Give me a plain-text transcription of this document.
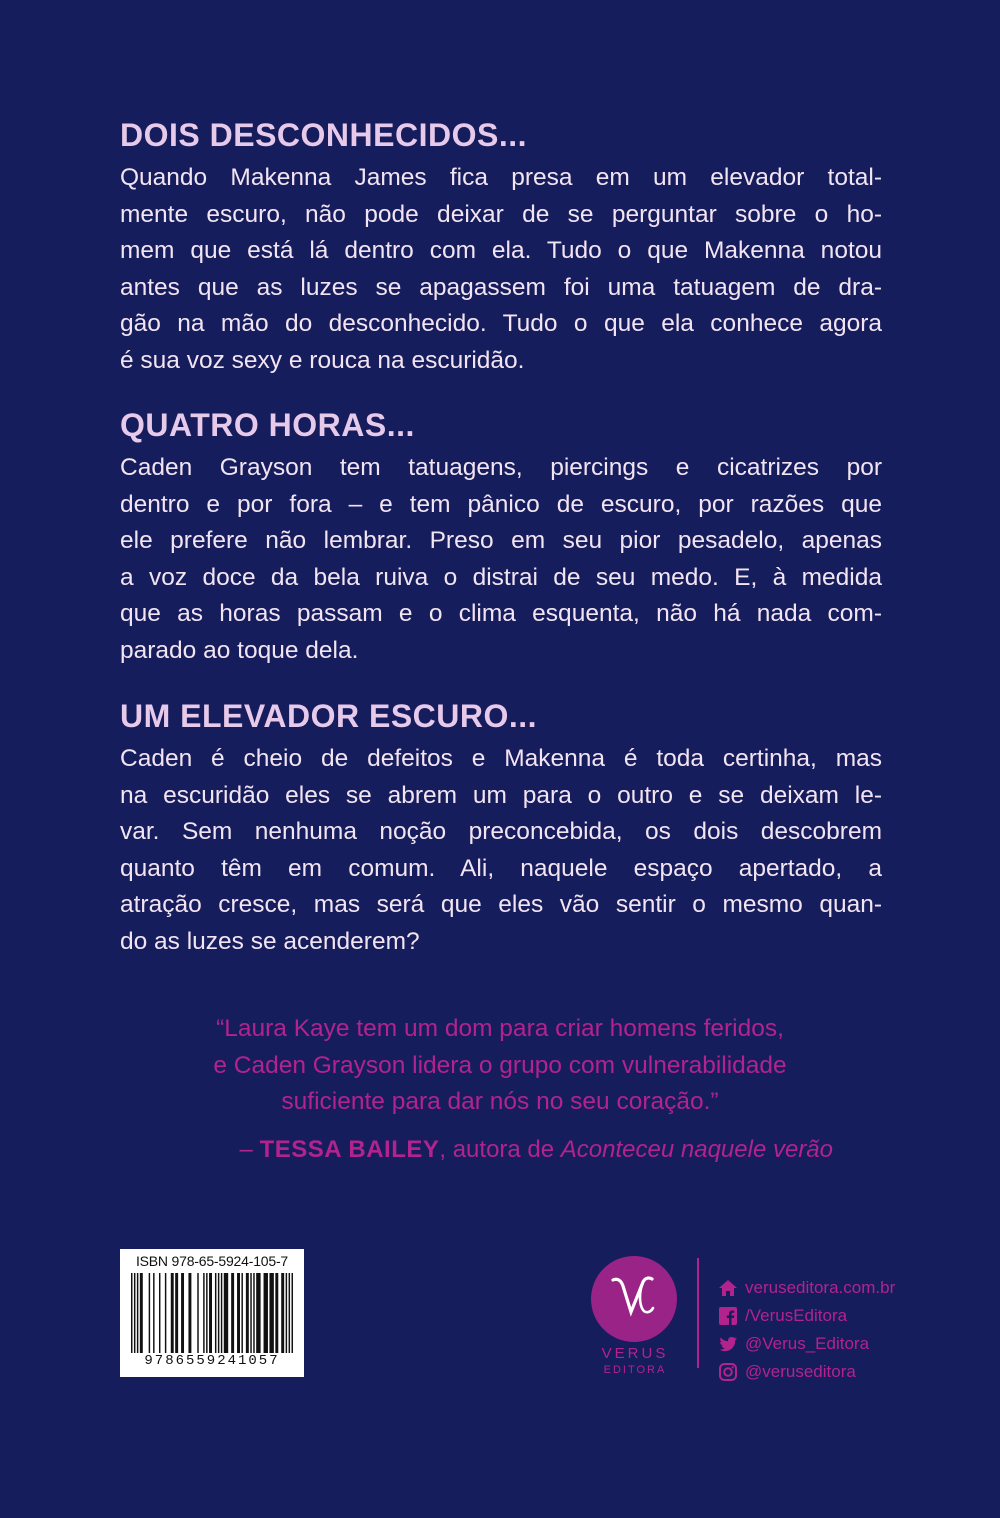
DOIS DESCONHECIDOS...
Quando Makenna James fica presa em um elevador total-
mente escuro, não pode deixar de se perguntar sobre o ho-
mem que está lá dentro com ela. Tudo o que Makenna notou
antes que as luzes se apagassem foi uma tatuagem de dra-
gão na mão do desconhecido. Tudo o que ela conhece agora
é sua voz sexy e rouca na escuridão.
QUATRO HORAS...
Caden Grayson tem tatuagens, piercings e cicatrizes por
dentro e por fora – e tem pânico de escuro, por razões que
ele prefere não lembrar. Preso em seu pior pesadelo, apenas
a voz doce da bela ruiva o distrai de seu medo. E, à medida
que as horas passam e o clima esquenta, não há nada com-
parado ao toque dela.
UM ELEVADOR ESCURO...
Caden é cheio de defeitos e Makenna é toda certinha, mas
na escuridão eles se abrem um para o outro e se deixam le-
var. Sem nenhuma noção preconcebida, os dois descobrem
quanto têm em comum. Ali, naquele espaço apertado, a
atração cresce, mas será que eles vão sentir o mesmo quan-
do as luzes se acenderem?
“Laura Kaye tem um dom para criar homens feridos,
e Caden Grayson lidera o grupo com vulnerabilidade
suficiente para dar nós no seu coração.”
– TESSA BAILEY, autora de Aconteceu naquele verão
ISBN 978-65-5924-105-7
9786559241057	VERUS
EDITORA
veruseditora.com.br
/VerusEditora
@Verus_Editora
@veruseditora
